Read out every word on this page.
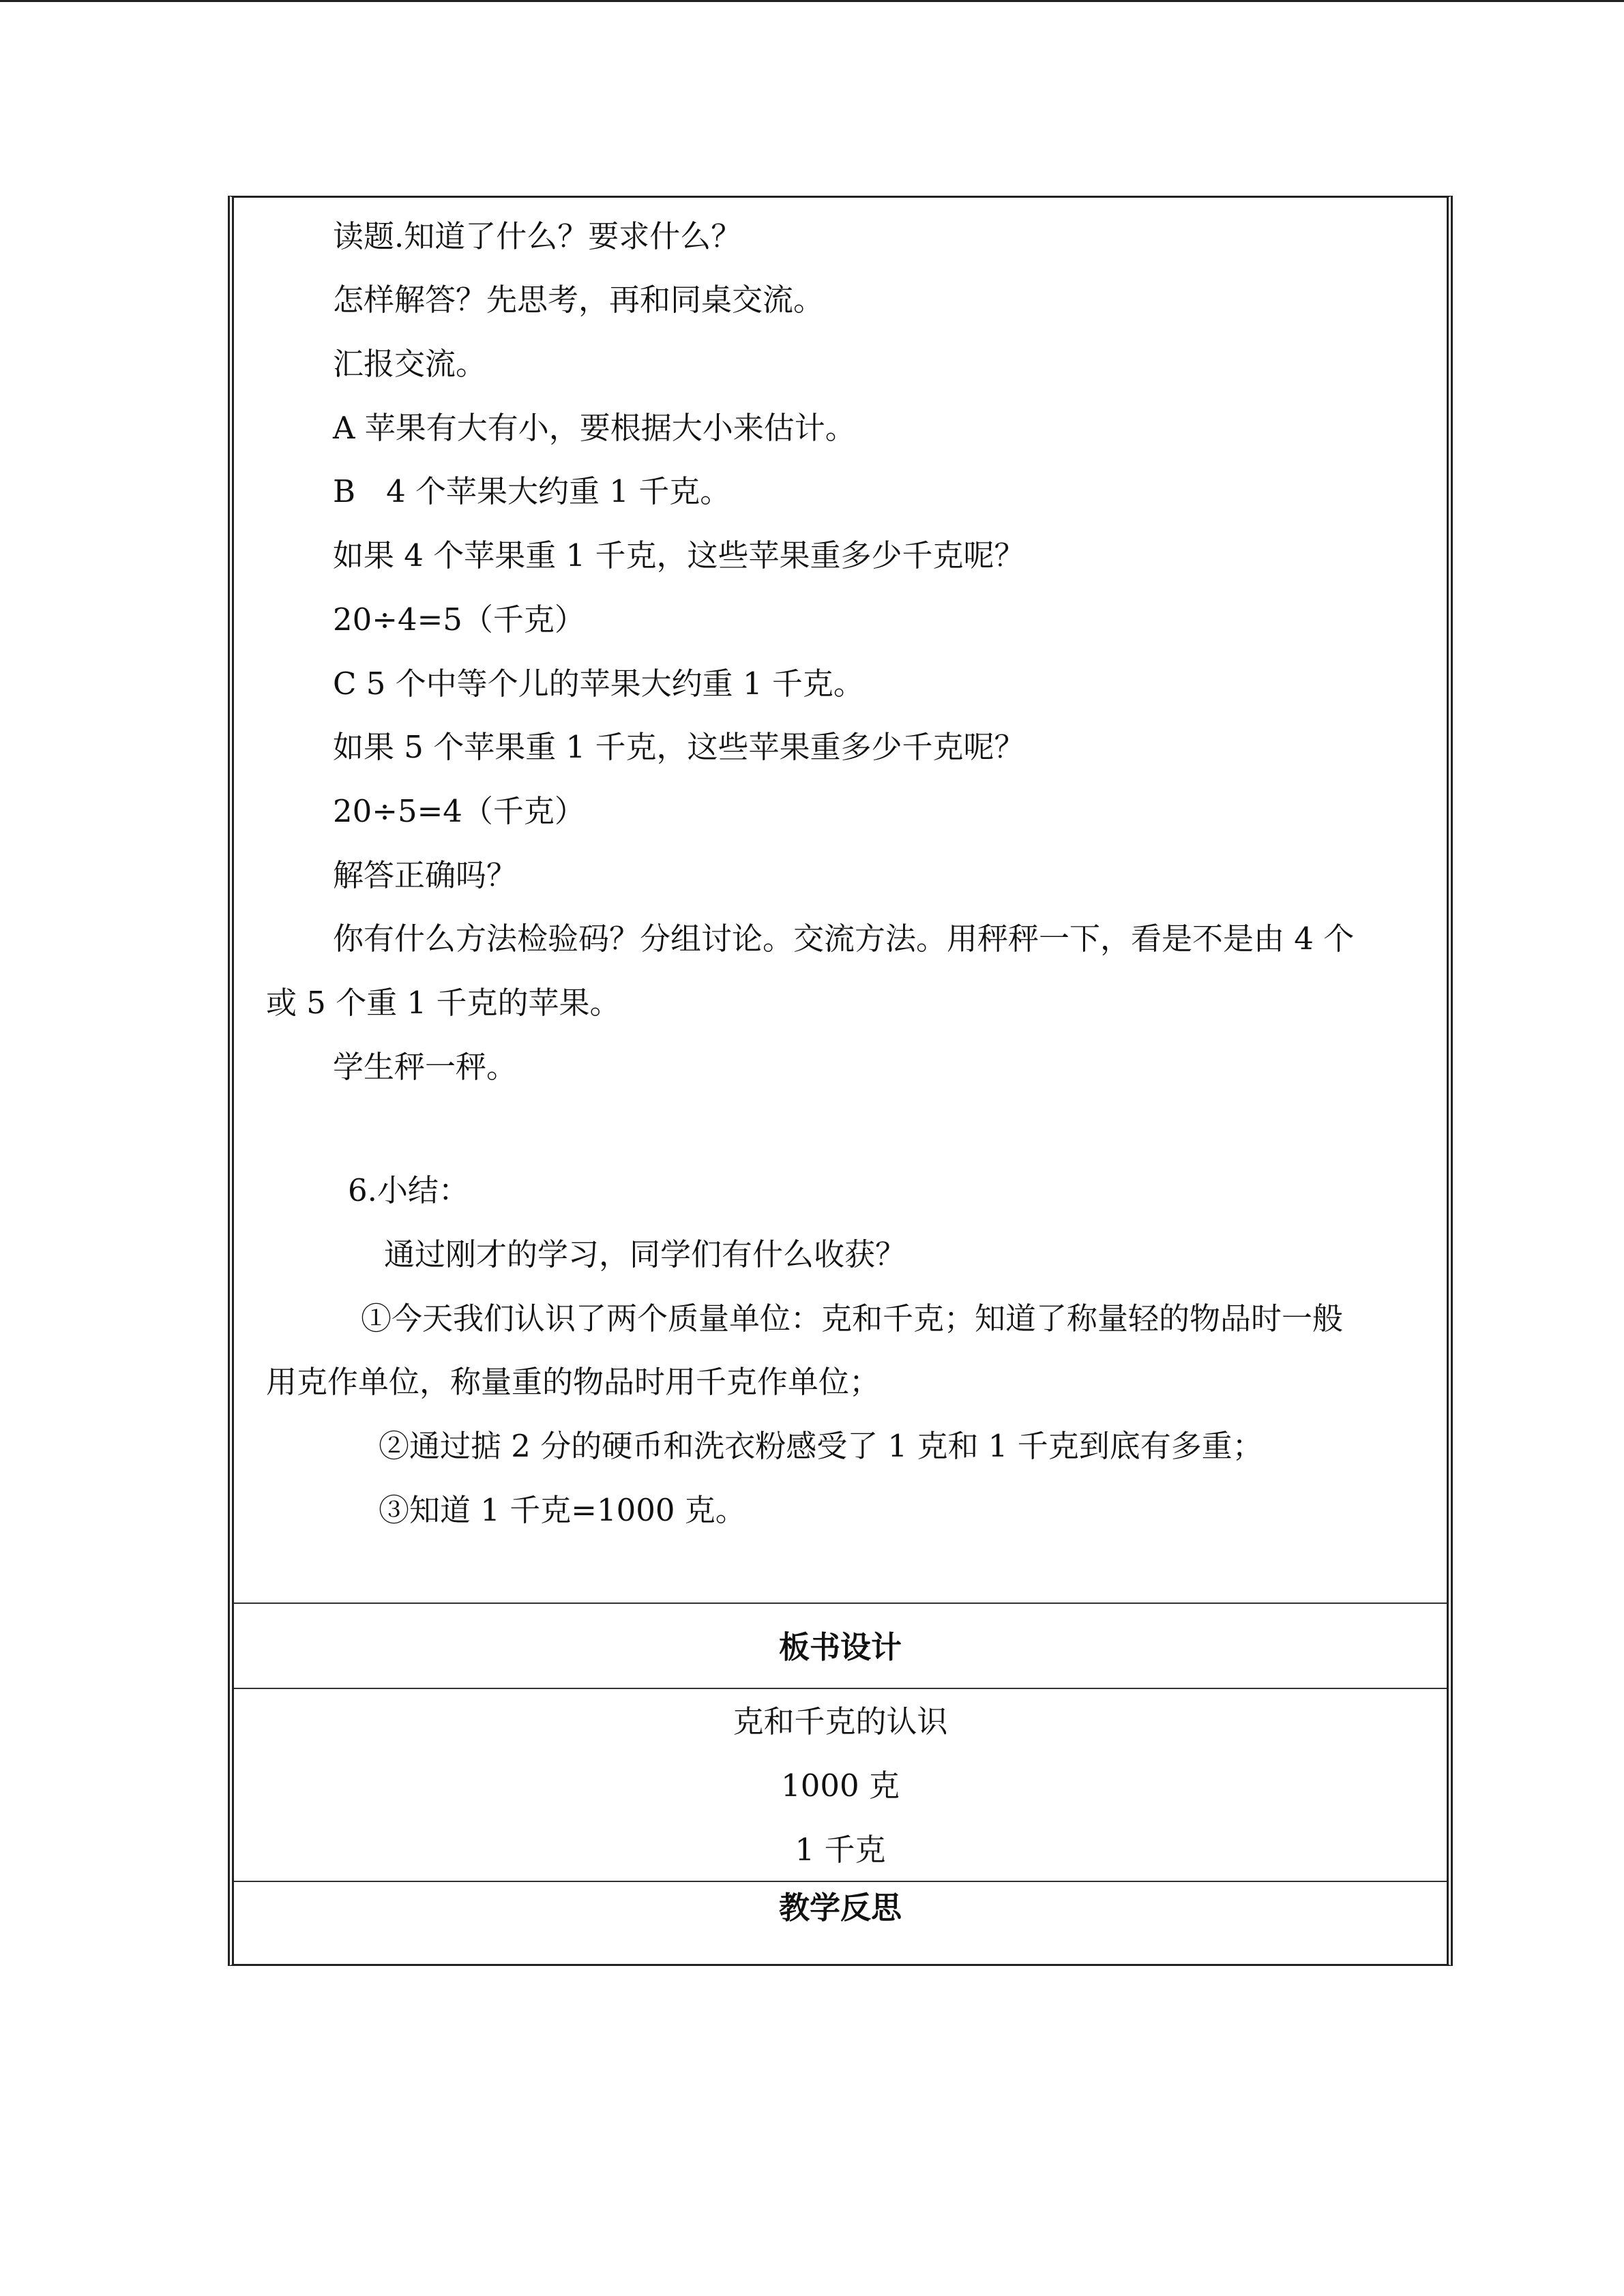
读题.知道了什么？要求什么？
怎样解答？先思考，再和同桌交流。
汇报交流。
A 苹果有大有小，要根据大小来估计。
B　4 个苹果大约重 1 千克。
如果 4 个苹果重 1 千克，这些苹果重多少千克呢？
20÷4=5（千克）
C 5 个中等个儿的苹果大约重 1 千克。
如果 5 个苹果重 1 千克，这些苹果重多少千克呢？
20÷5=4（千克）
解答正确吗？
你有什么方法检验码？分组讨论。交流方法。用秤秤一下，看是不是由 4 个
或 5 个重 1 千克的苹果。
学生秤一秤。
6.小结：
通过刚才的学习，同学们有什么收获？
①今天我们认识了两个质量单位：克和千克；知道了称量轻的物品时一般
用克作单位，称量重的物品时用千克作单位；
②通过掂 2 分的硬币和洗衣粉感受了 1 克和 1 千克到底有多重；
③知道 1 千克=1000 克。
板书设计
克和千克的认识
1000 克
1 千克
教学反思
